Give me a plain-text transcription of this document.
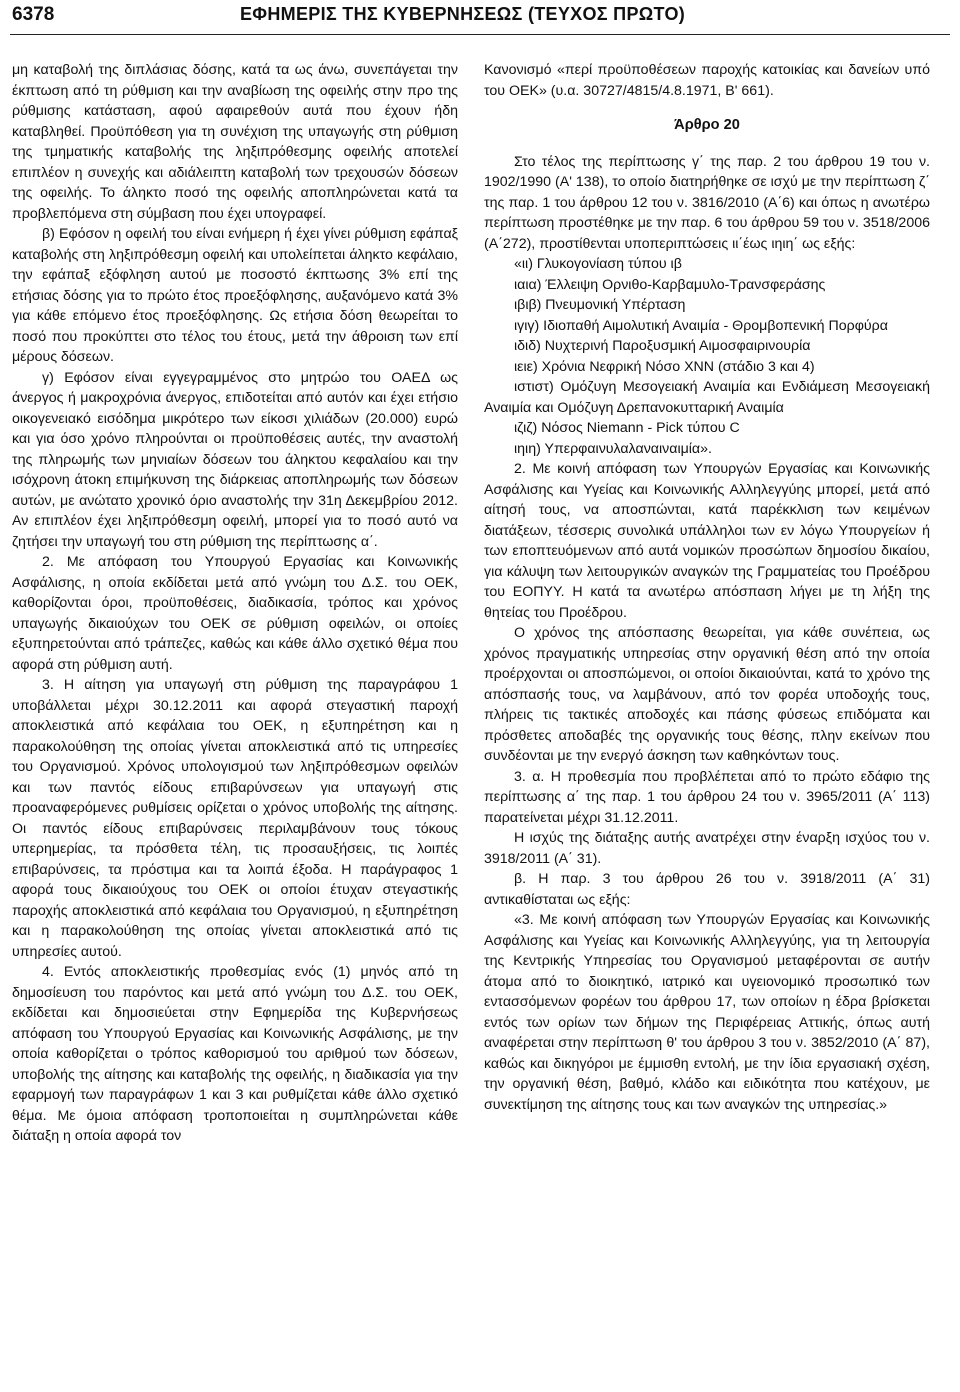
6378	ΕΦΗΜΕΡΙΣ ΤΗΣ ΚΥΒΕΡΝΗΣΕΩΣ (ΤΕΥΧΟΣ ΠΡΩΤΟ)

μη καταβολή της διπλάσιας δόσης, κατά τα ως άνω, συνεπάγεται την έκπτωση από τη ρύθμιση και την αναβίωση της οφειλής στην προ της ρύθμισης κατάσταση, αφού αφαιρεθούν αυτά που έχουν ήδη καταβληθεί. Προϋπόθεση για τη συνέχιση της υπαγωγής στη ρύθμιση της τμηματικής καταβολής της ληξιπρόθεσμης οφειλής αποτελεί επιπλέον η συνεχής και αδιάλειπτη καταβολή των τρεχουσών δόσεων της οφειλής. Το άληκτο ποσό της οφειλής αποπληρώνεται κατά τα προβλεπόμενα στη σύμβαση που έχει υπογραφεί.

β) Εφόσον η οφειλή του είναι ενήμερη ή έχει γίνει ρύθμιση εφάπαξ καταβολής στη ληξιπρόθεσμη οφειλή και υπολείπεται άληκτο κεφάλαιο, την εφάπαξ εξόφληση αυτού με ποσοστό έκπτωσης 3% επί της ετήσιας δόσης για το πρώτο έτος προεξόφλησης, αυξανόμενο κατά 3% για κάθε επόμενο έτος προεξόφλησης. Ως ετήσια δόση θεωρείται το ποσό που προκύπτει στο τέλος του έτους, μετά την άθροιση των επί μέρους δόσεων.

γ) Εφόσον είναι εγγεγραμμένος στο μητρώο του ΟΑΕΔ ως άνεργος ή μακροχρόνια άνεργος, επιδοτείται από αυτόν και έχει ετήσιο οικογενειακό εισόδημα μικρότερο των είκοσι χιλιάδων (20.000) ευρώ και για όσο χρόνο πληρούνται οι προϋποθέσεις αυτές, την αναστολή της πληρωμής των μηνιαίων δόσεων του άληκτου κεφαλαίου και την ισόχρονη άτοκη επιμήκυνση της διάρκειας αποπληρωμής των δόσεων αυτών, με ανώτατο χρονικό όριο αναστολής την 31η Δεκεμβρίου 2012. Αν επιπλέον έχει ληξιπρόθεσμη οφειλή, μπορεί για το ποσό αυτό να ζητήσει την υπαγωγή του στη ρύθμιση της περίπτωσης α΄.

2. Με απόφαση του Υπουργού Εργασίας και Κοινωνικής Ασφάλισης, η οποία εκδίδεται μετά από γνώμη του Δ.Σ. του ΟΕΚ, καθορίζονται όροι, προϋποθέσεις, διαδικασία, τρόπος και χρόνος υπαγωγής δικαιούχων του ΟΕΚ σε ρύθμιση οφειλών, οι οποίες εξυπηρετούνται από τράπεζες, καθώς και κάθε άλλο σχετικό θέμα που αφορά στη ρύθμιση αυτή.

3. Η αίτηση για υπαγωγή στη ρύθμιση της παραγράφου 1 υποβάλλεται μέχρι 30.12.2011 και αφορά στεγαστική παροχή αποκλειστικά από κεφάλαια του ΟΕΚ, η εξυπηρέτηση και η παρακολούθηση της οποίας γίνεται αποκλειστικά από τις υπηρεσίες του Οργανισμού. Χρόνος υπολογισμού των ληξιπρόθεσμων οφειλών και των παντός είδους επιβαρύνσεων για υπαγωγή στις προαναφερόμενες ρυθμίσεις ορίζεται ο χρόνος υποβολής της αίτησης. Οι παντός είδους επιβαρύνσεις περιλαμβάνουν τους τόκους υπερημερίας, τα πρόσθετα τέλη, τις προσαυξήσεις, τις λοιπές επιβαρύνσεις, τα πρόστιμα και τα λοιπά έξοδα. Η παράγραφος 1 αφορά τους δικαιούχους του ΟΕΚ οι οποίοι έτυχαν στεγαστικής παροχής αποκλειστικά από κεφάλαια του Οργανισμού, η εξυπηρέτηση και η παρακολούθηση της οποίας γίνεται αποκλειστικά από τις υπηρεσίες αυτού.

4. Εντός αποκλειστικής προθεσμίας ενός (1) μηνός από τη δημοσίευση του παρόντος και μετά από γνώμη του Δ.Σ. του ΟΕΚ, εκδίδεται και δημοσιεύεται στην Εφημερίδα της Κυβερνήσεως απόφαση του Υπουργού Εργασίας και Κοινωνικής Ασφάλισης, με την οποία καθορίζεται ο τρόπος καθορισμού του αριθμού των δόσεων, υποβολής της αίτησης και καταβολής της οφειλής, η διαδικασία για την εφαρμογή των παραγράφων 1 και 3 και ρυθμίζεται κάθε άλλο σχετικό θέμα. Με όμοια απόφαση τροποποιείται η συμπληρώνεται κάθε διάταξη η οποία αφορά τον

Κανονισμό «περί προϋποθέσεων παροχής κατοικίας και δανείων υπό του ΟΕΚ» (υ.α. 30727/4815/4.8.1971, Β' 661).

Άρθρο 20

Στο τέλος της περίπτωσης γ΄ της παρ. 2 του άρθρου 19 του ν. 1902/1990 (Α' 138), το οποίο διατηρήθηκε σε ισχύ με την περίπτωση ζ΄ της παρ. 1 του άρθρου 12 του ν. 3816/2010 (Α΄6) και όπως η ανωτέρω περίπτωση προστέθηκε με την παρ. 6 του άρθρου 59 του ν. 3518/2006 (Α΄272), προστίθενται υποπεριπτώσεις ιι΄έως ιηιη΄ ως εξής:

«ιι) Γλυκογονίαση τύπου ιβ

ιαια) Έλλειψη Ορνιθο-Καρβαμυλο-Τρανσφεράσης

ιβιβ) Πνευμονική Υπέρταση

ιγιγ) Ιδιοπαθή Αιμολυτική Αναιμία - Θρομβοπενική Πορφύρα

ιδιδ) Νυχτερινή Παροξυσμική Αιμοσφαιρινουρία

ιειε) Χρόνια Νεφρική Νόσο ΧΝΝ (στάδιο 3 και 4)

ιστιστ) Ομόζυγη Μεσογειακή Αναιμία και Ενδιάμεση Μεσογειακή Αναιμία και Ομόζυγη Δρεπανοκυτταρική Αναιμία

ιζιζ) Νόσος Niemann - Pick τύπου C

ιηιη) Υπερφαινυλαλαναιναιμία».

2. Με κοινή απόφαση των Υπουργών Εργασίας και Κοινωνικής Ασφάλισης και Υγείας και Κοινωνικής Αλληλεγγύης μπορεί, μετά από αίτησή τους, να αποσπώνται, κατά παρέκκλιση των κειμένων διατάξεων, τέσσερις συνολικά υπάλληλοι των εν λόγω Υπουργείων ή των εποπτευόμενων από αυτά νομικών προσώπων δημοσίου δικαίου, για κάλυψη των λειτουργικών αναγκών της Γραμματείας του Προέδρου του ΕΟΠΥΥ. Η κατά τα ανωτέρω απόσπαση λήγει με τη λήξη της θητείας του Προέδρου.

Ο χρόνος της απόσπασης θεωρείται, για κάθε συνέπεια, ως χρόνος πραγματικής υπηρεσίας στην οργανική θέση από την οποία προέρχονται οι αποσπώμενοι, οι οποίοι δικαιούνται, κατά το χρόνο της απόσπασής τους, να λαμβάνουν, από τον φορέα υποδοχής τους, πλήρεις τις τακτικές αποδοχές και πάσης φύσεως επιδόματα και πρόσθετες αποδαβές της οργανικής τους θέσης, πλην εκείνων που συνδέονται με την ενεργό άσκηση των καθηκόντων τους.

3. α. Η προθεσμία που προβλέπεται από το πρώτο εδάφιο της περίπτωσης α΄ της παρ. 1 του άρθρου 24 του ν. 3965/2011 (Α΄ 113) παρατείνεται μέχρι 31.12.2011.

Η ισχύς της διάταξης αυτής ανατρέχει στην έναρξη ισχύος του ν. 3918/2011 (Α΄ 31).

β. Η παρ. 3 του άρθρου 26 του ν. 3918/2011 (Α΄ 31) αντικαθίσταται ως εξής:

«3. Με κοινή απόφαση των Υπουργών Εργασίας και Κοινωνικής Ασφάλισης και Υγείας και Κοινωνικής Αλληλεγγύης, για τη λειτουργία της Κεντρικής Υπηρεσίας του Οργανισμού μεταφέρονται σε αυτήν άτομα από το διοικητικό, ιατρικό και υγειονομικό προσωπικό των εντασσόμενων φορέων του άρθρου 17, των οποίων η έδρα βρίσκεται εντός των ορίων των δήμων της Περιφέρειας Αττικής, όπως αυτή αναφέρεται στην περίπτωση θ' του άρθρου 3 του ν. 3852/2010 (Α΄ 87), καθώς και δικηγόροι με έμμισθη εντολή, με την ίδια εργασιακή σχέση, την οργανική θέση, βαθμό, κλάδο και ειδικότητα που κατέχουν, με συνεκτίμηση της αίτησης τους και των αναγκών της υπηρεσίας.»
